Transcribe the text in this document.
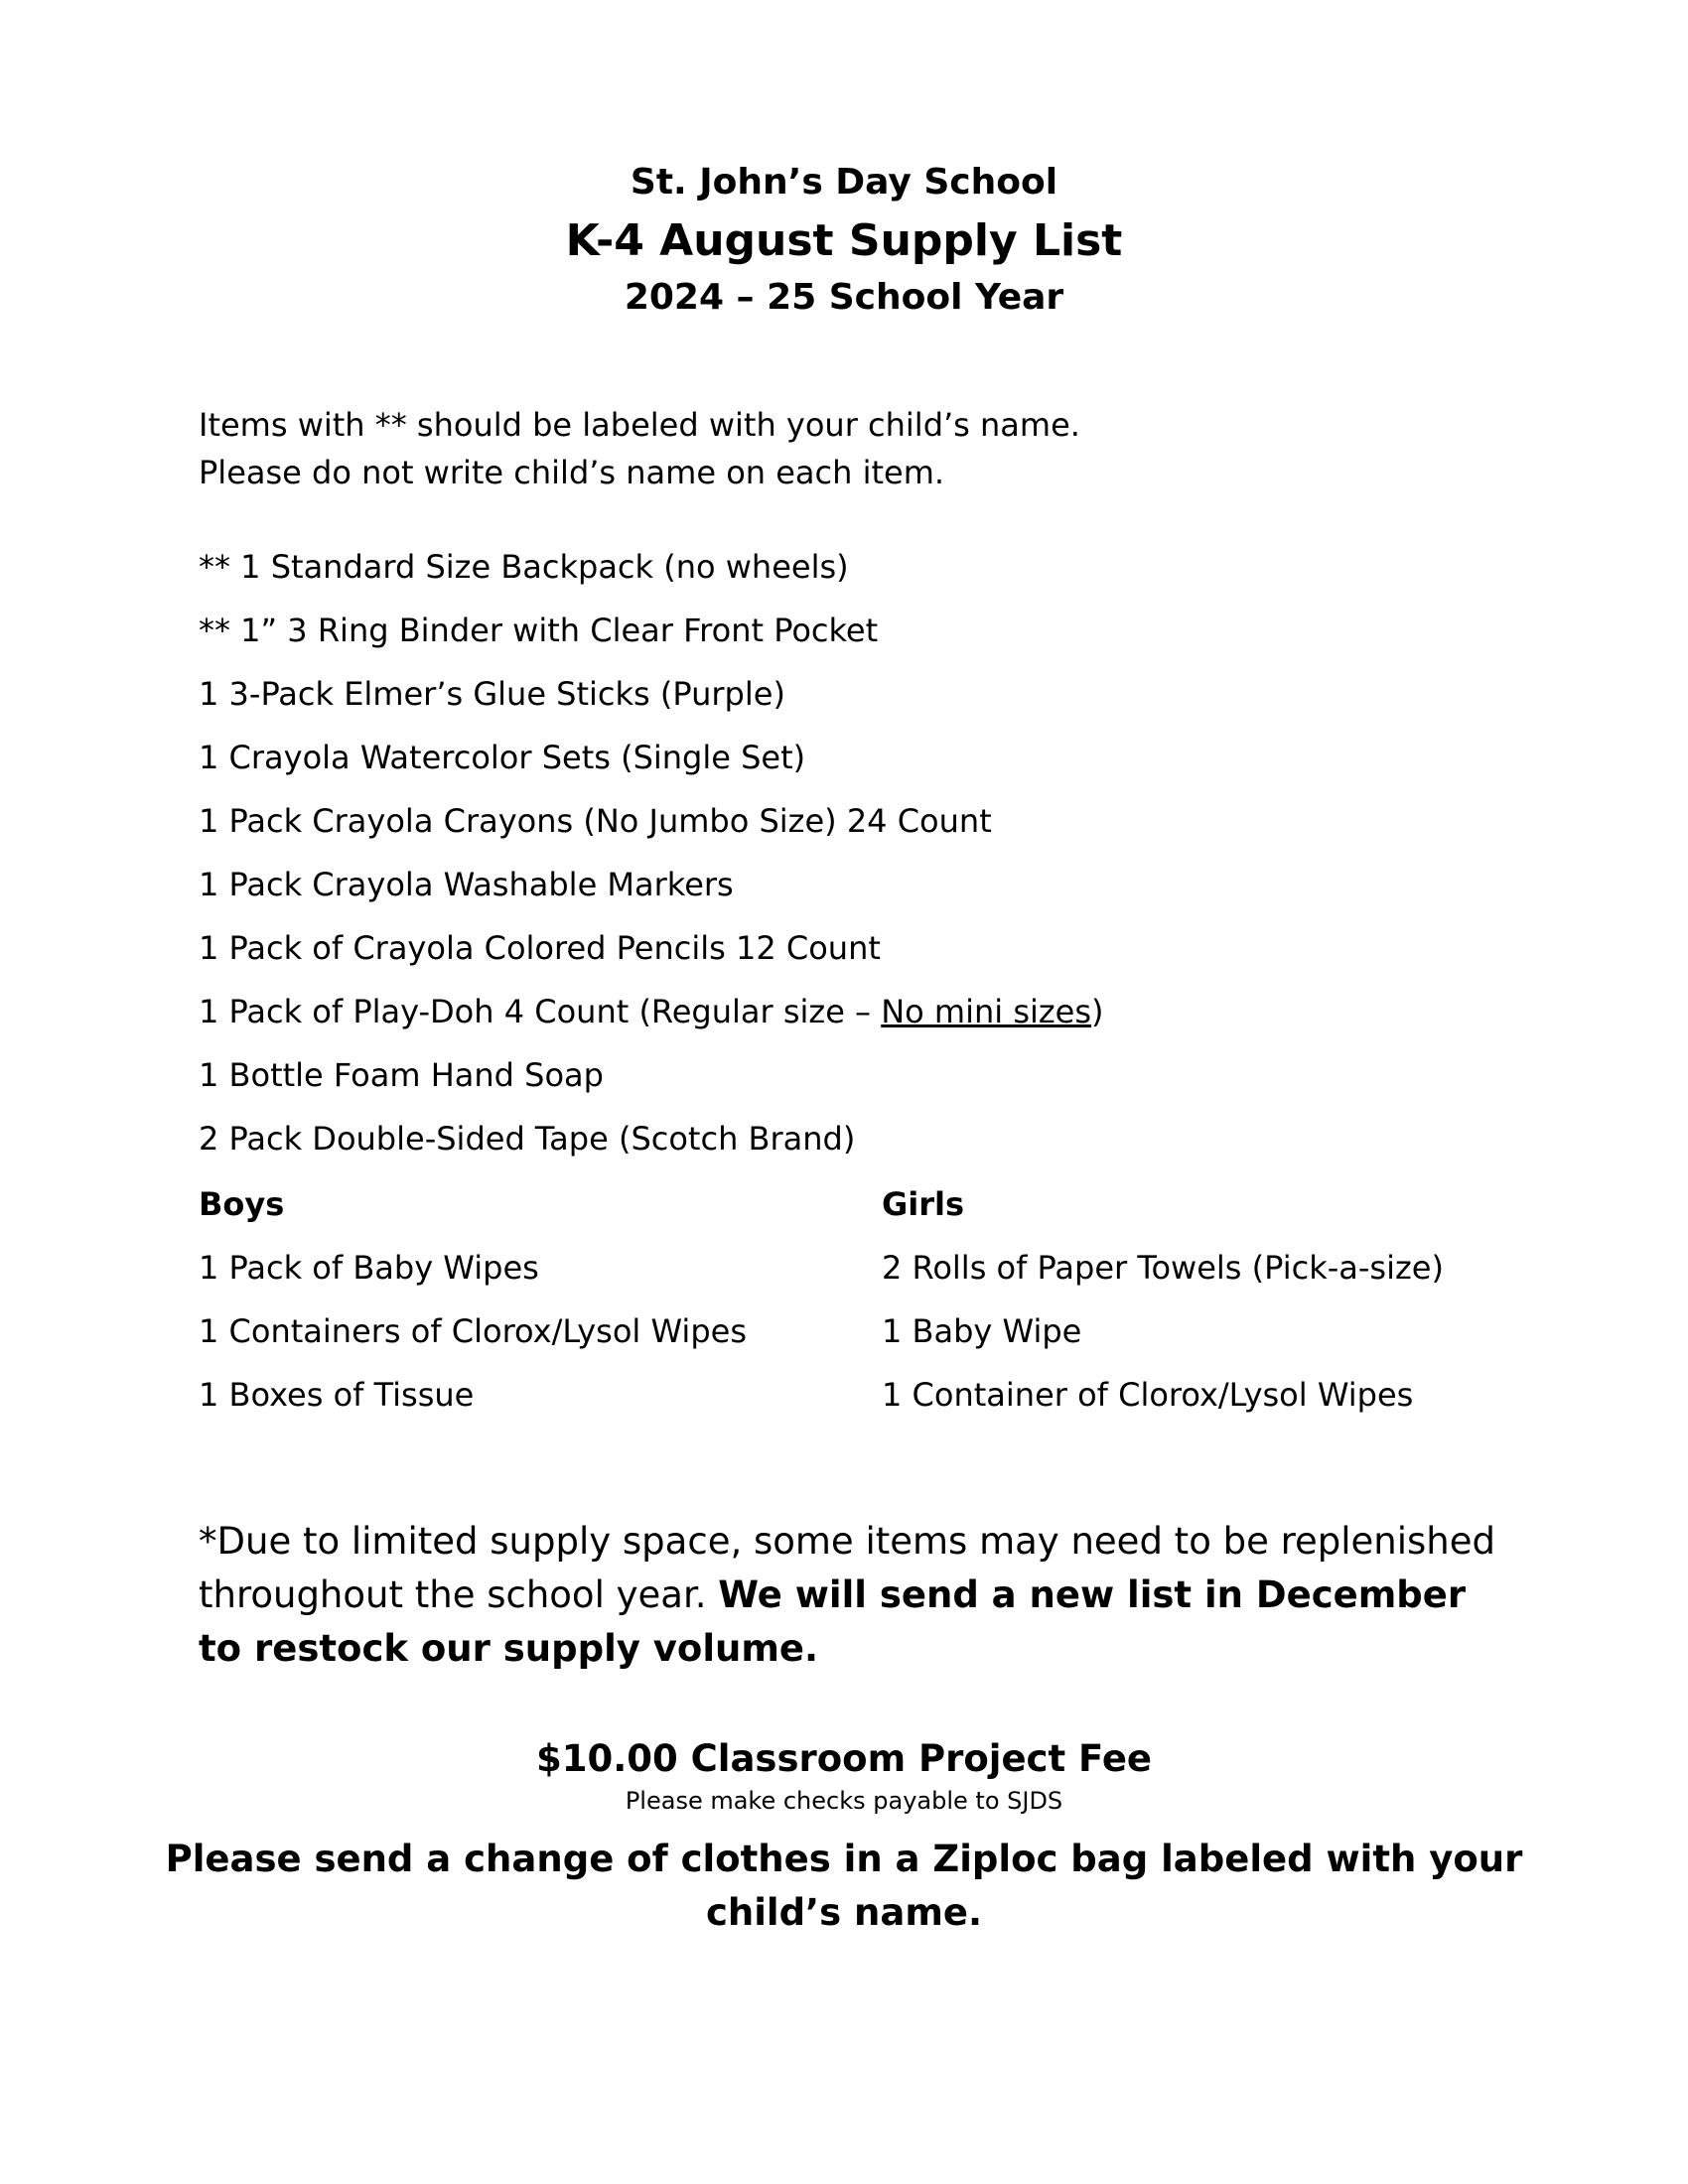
St. John’s Day School
K-4 August Supply List
2024 – 25 School Year
Items with ** should be labeled with your child’s name.
Please do not write child’s name on each item.
** 1 Standard Size Backpack (no wheels)
** 1” 3 Ring Binder with Clear Front Pocket
1 3-Pack Elmer’s Glue Sticks (Purple)
1 Crayola Watercolor Sets (Single Set)
1 Pack Crayola Crayons (No Jumbo Size) 24 Count
1 Pack Crayola Washable Markers
1 Pack of Crayola Colored Pencils 12 Count
1 Pack of Play-Doh 4 Count (Regular size – No mini sizes)
1 Bottle Foam Hand Soap
2 Pack Double-Sided Tape (Scotch Brand)
Boys
1 Pack of Baby Wipes
1 Containers of Clorox/Lysol Wipes
1 Boxes of Tissue
Girls
2 Rolls of Paper Towels (Pick-a-size)
1 Baby Wipe
1 Container of Clorox/Lysol Wipes
*Due to limited supply space, some items may need to be replenished throughout the school year. We will send a new list in December to restock our supply volume.
$10.00 Classroom Project Fee
Please make checks payable to SJDS
Please send a change of clothes in a Ziploc bag labeled with your
child’s name.
